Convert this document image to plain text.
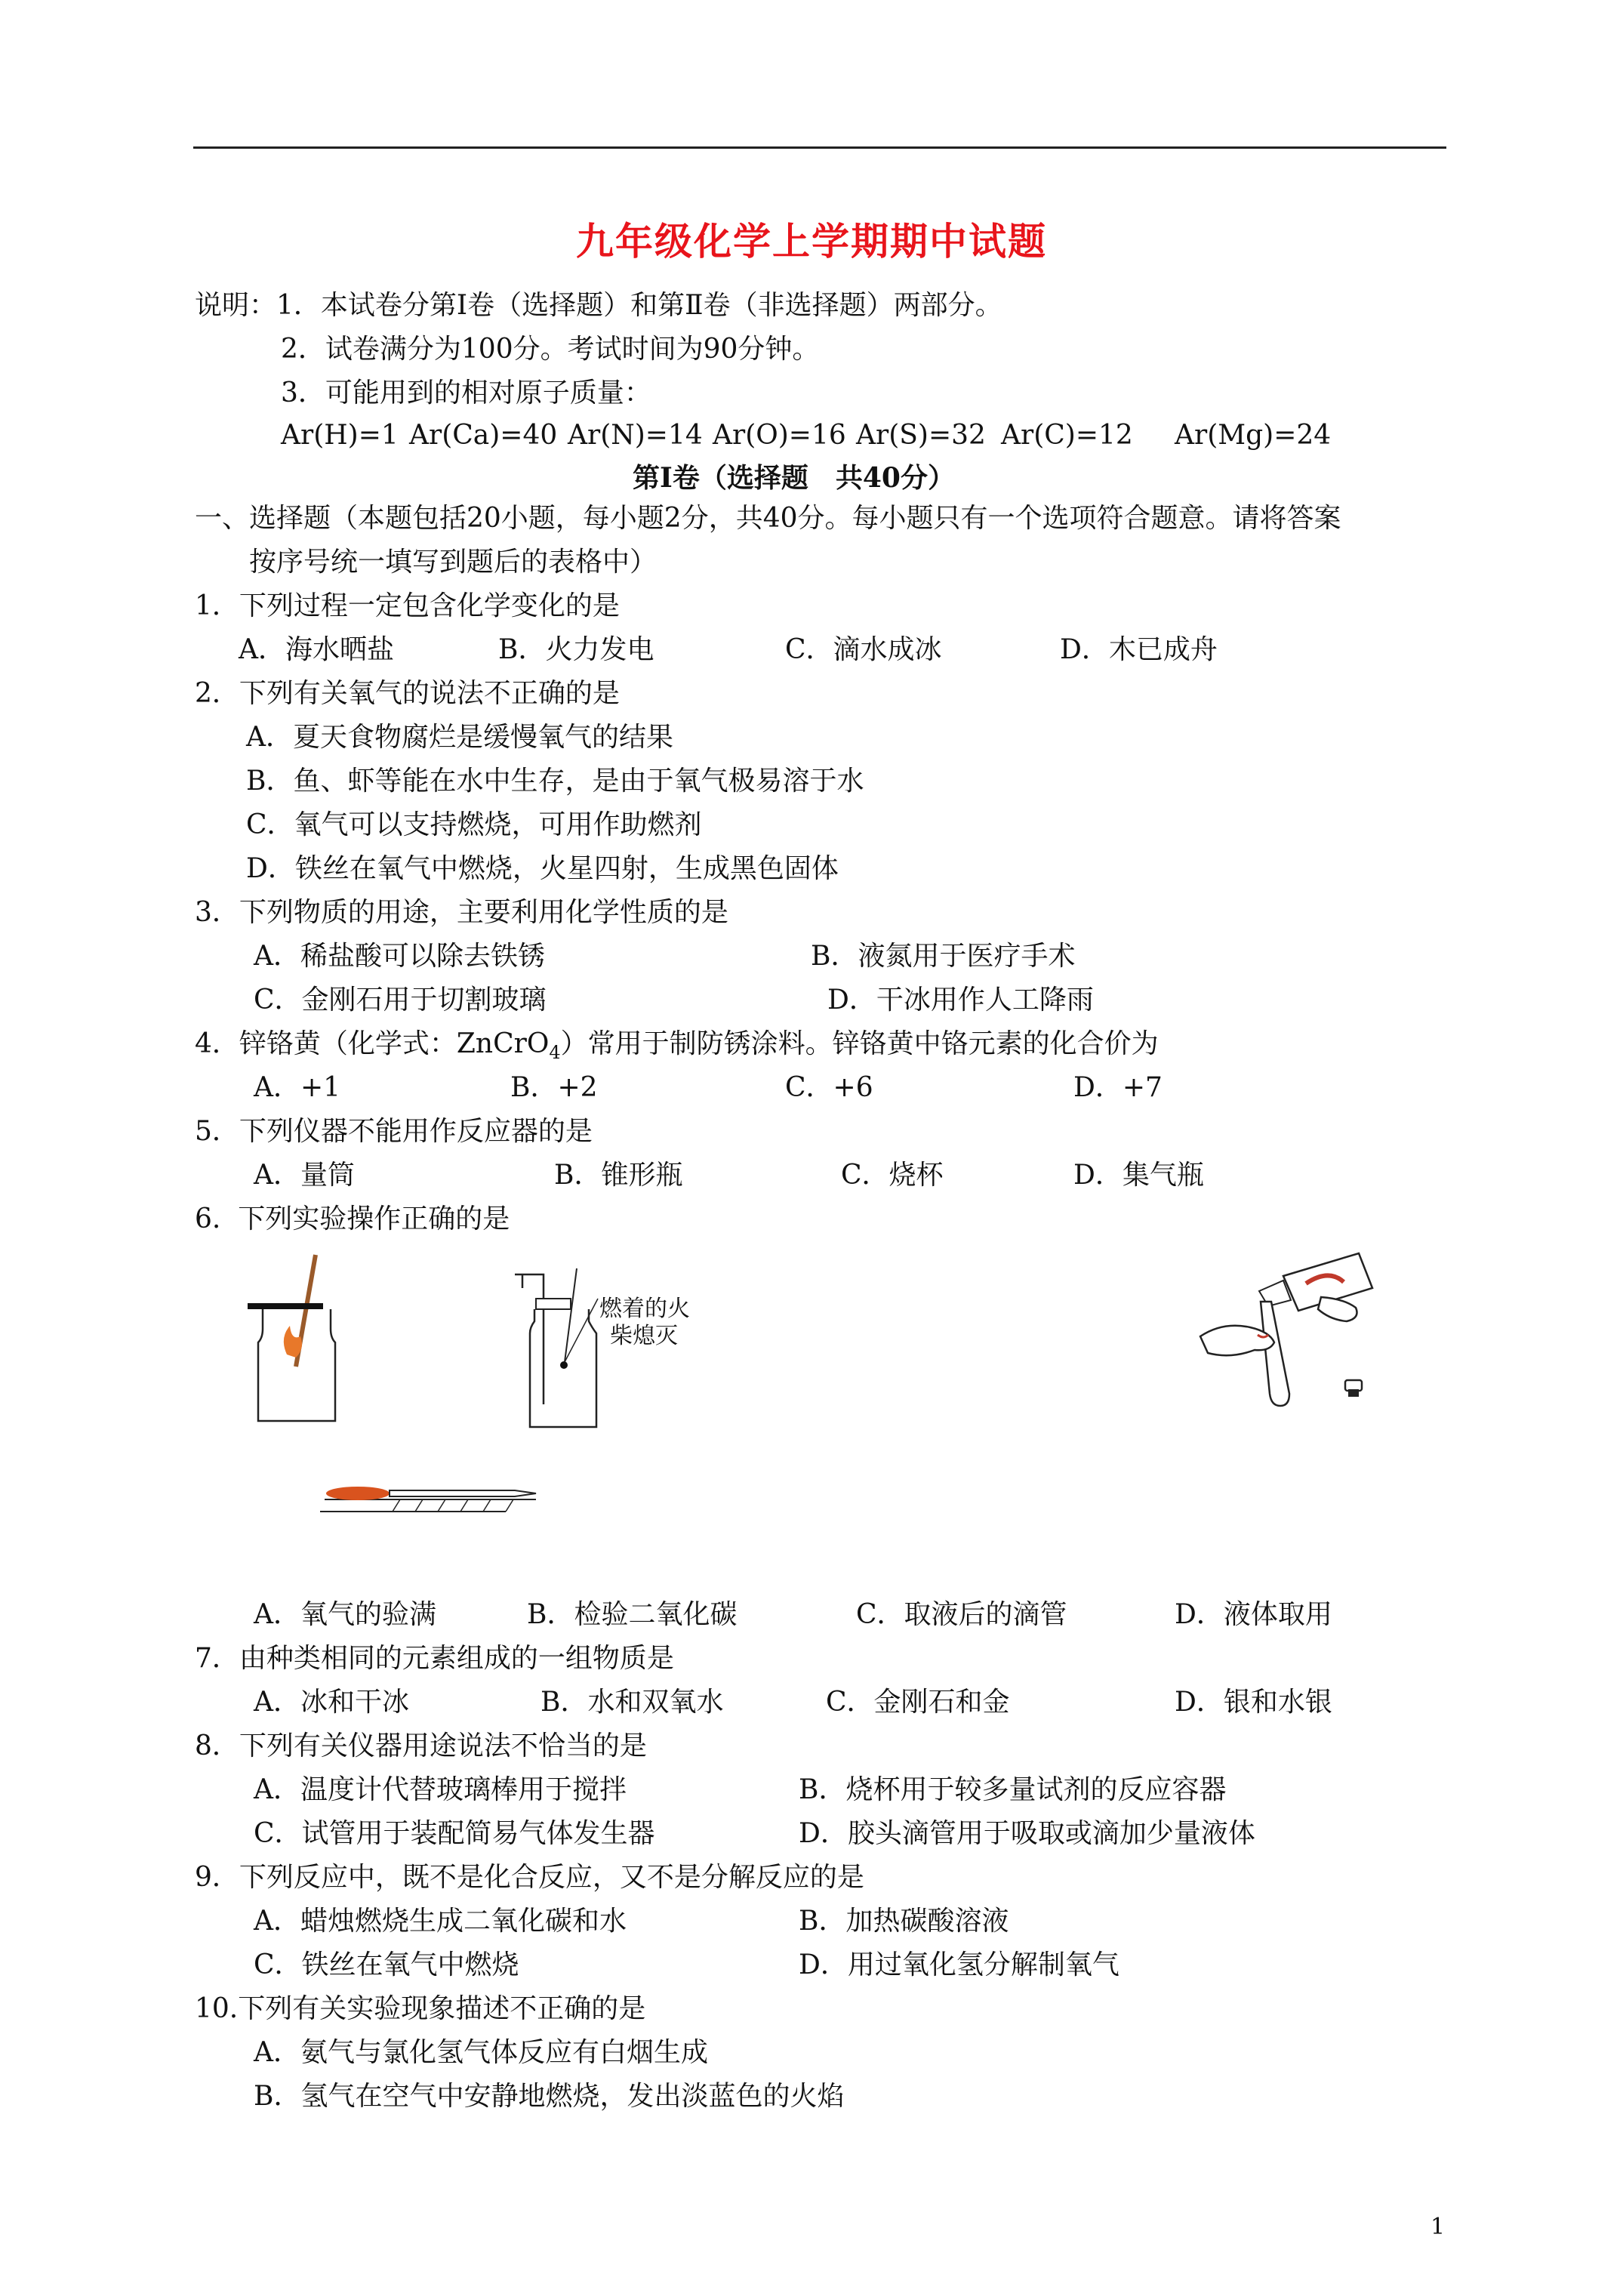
九年级化学上学期期中试题
说明：1．本试卷分第Ⅰ卷（选择题）和第Ⅱ卷（非选择题）两部分。
2．试卷满分为100分。考试时间为90分钟。
3．可能用到的相对原子质量：
Ar(H)=1 Ar(Ca)=40 Ar(N)=14 Ar(O)=16 Ar(S)=32 Ar(C)=12 Ar(Mg)=24
第Ⅰ卷（选择题　共40分）
一、选择题（本题包括20小题，每小题2分，共40分。每小题只有一个选项符合题意。请将答案
按序号统一填写到题后的表格中）
1．下列过程一定包含化学变化的是
A．海水晒盐	B．火力发电	C．滴水成冰	D．木已成舟
2．下列有关氧气的说法不正确的是
A．夏天食物腐烂是缓慢氧气的结果
B．鱼、虾等能在水中生存，是由于氧气极易溶于水
C．氧气可以支持燃烧，可用作助燃剂
D．铁丝在氧气中燃烧，火星四射，生成黑色固体
3．下列物质的用途，主要利用化学性质的是
A．稀盐酸可以除去铁锈	B．液氮用于医疗手术
C．金刚石用于切割玻璃	D．干冰用作人工降雨
4．锌铬黄（化学式：ZnCrO$_4$）常用于制防锈涂料。锌铬黄中铬元素的化合价为
A．+1	B．+2	C．+6	D．+7
5．下列仪器不能用作反应器的是
A．量筒	B．锥形瓶	C．烧杯	D．集气瓶
6.  下列实验操作正确的是
燃着的火
柴熄灭
A．氧气的验满	B．检验二氧化碳	C．取液后的滴管	D．液体取用
7．由种类相同的元素组成的一组物质是
A．冰和干冰	B．水和双氧水	C．金刚石和金	D．银和水银
8．下列有关仪器用途说法不恰当的是
A．温度计代替玻璃棒用于搅拌	B．烧杯用于较多量试剂的反应容器
C．试管用于装配简易气体发生器	D．胶头滴管用于吸取或滴加少量液体
9．下列反应中，既不是化合反应，又不是分解反应的是
A．蜡烛燃烧生成二氧化碳和水	B．加热碳酸溶液
C．铁丝在氧气中燃烧	D．用过氧化氢分解制氧气
10.下列有关实验现象描述不正确的是
A．氨气与氯化氢气体反应有白烟生成
B．氢气在空气中安静地燃烧，发出淡蓝色的火焰
1
